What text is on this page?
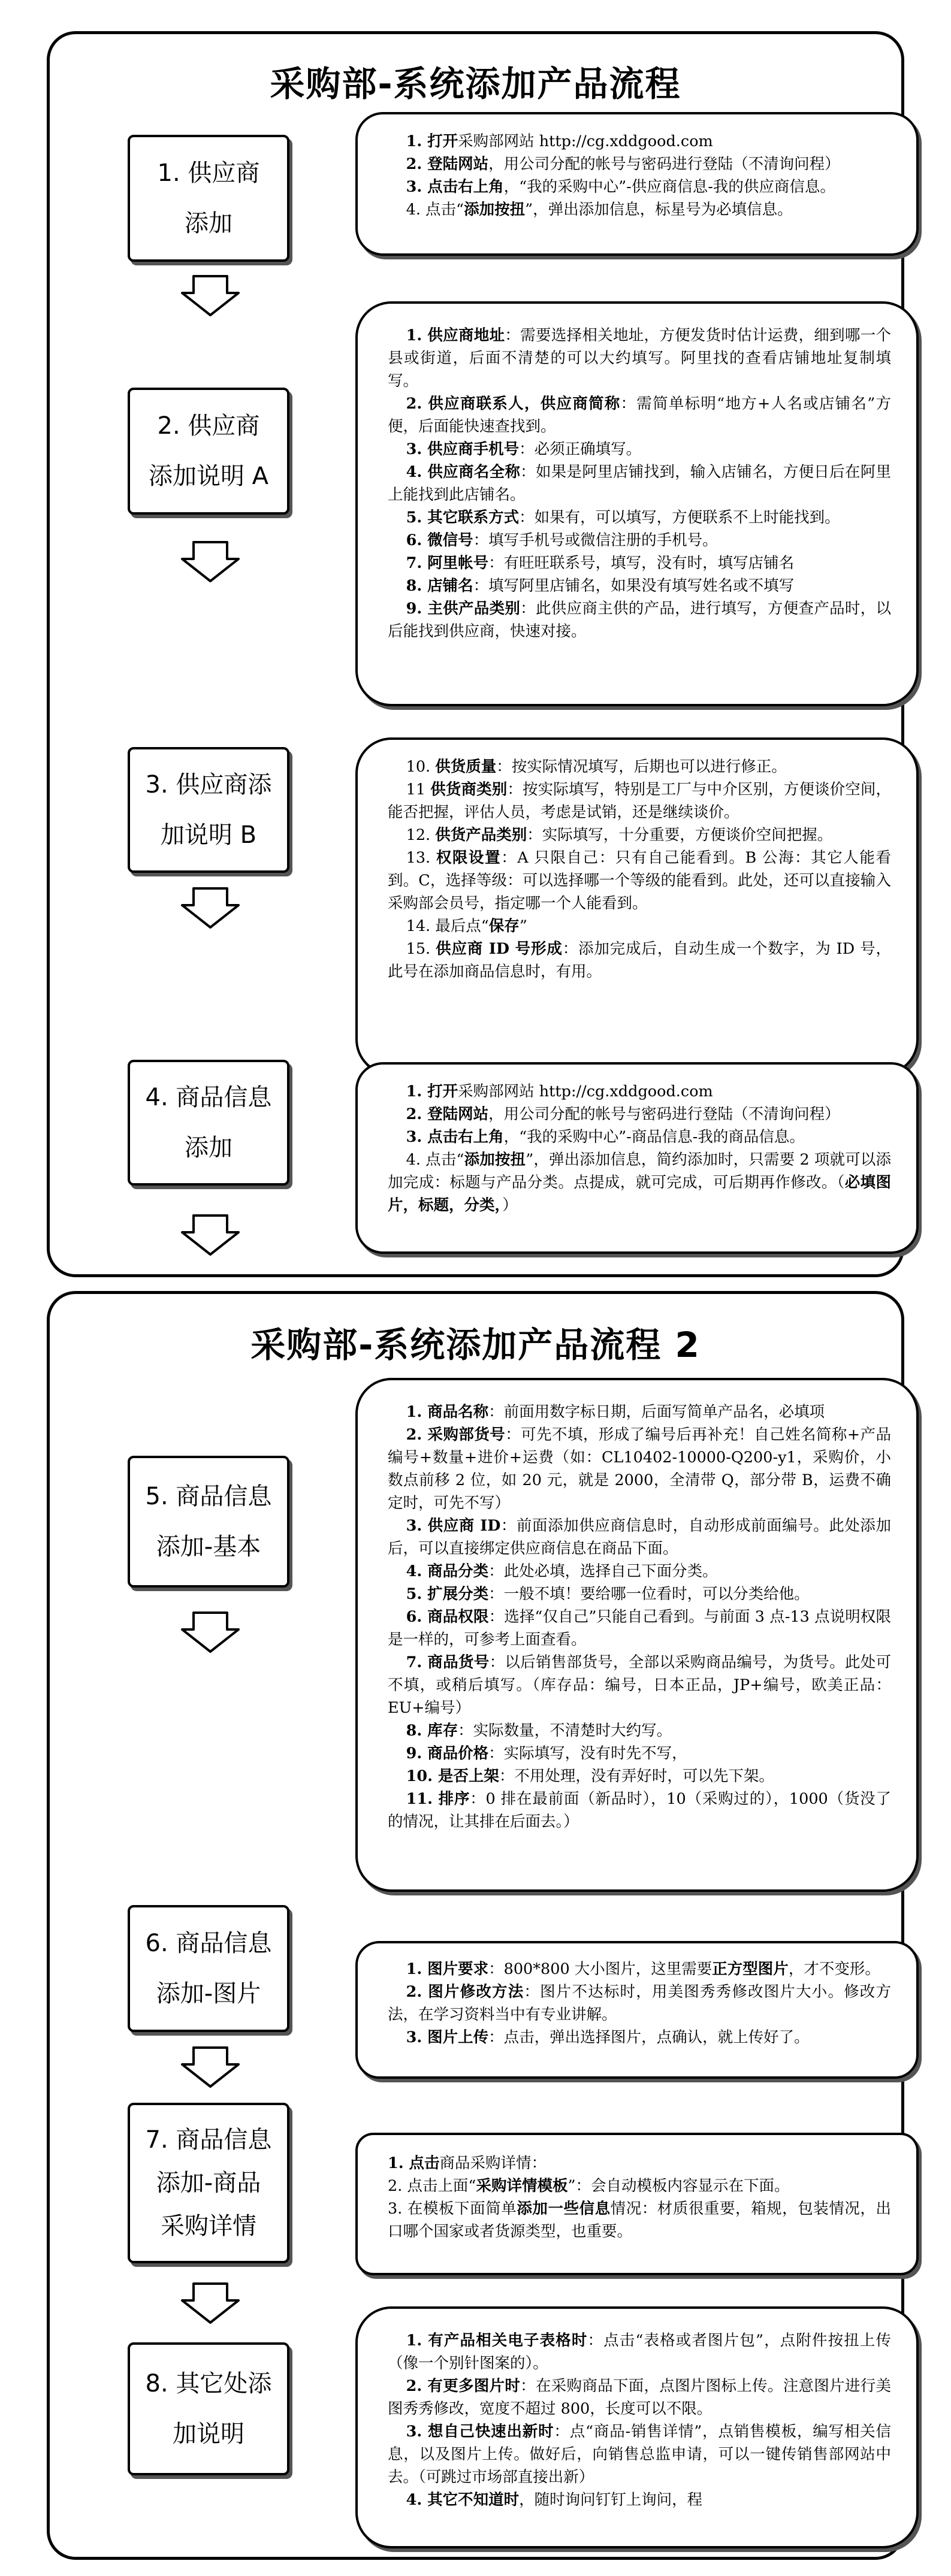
采购部-系统添加产品流程
1. 供应商
添加

1. 打开采购部网站 http://cg.xddgood.com

2. 登陆网站，用公司分配的帐号与密码进行登陆（不清询问程）

3. 点击右上角，“我的采购中心”-供应商信息-我的供应商信息。

4. 点击“添加按扭”，弹出添加信息，标星号为必填信息。

2. 供应商
添加说明 A

1. 供应商地址：需要选择相关地址，方便发货时估计运费，细到哪一个县或街道，后面不清楚的可以大约填写。阿里找的查看店铺地址复制填写。

2. 供应商联系人，供应商简称：需简单标明“地方+人名或店铺名”方便，后面能快速查找到。

3. 供应商手机号：必须正确填写。

4. 供应商名全称：如果是阿里店铺找到，输入店铺名，方便日后在阿里上能找到此店铺名。

5. 其它联系方式：如果有，可以填写，方便联系不上时能找到。

6. 微信号：填写手机号或微信注册的手机号。

7. 阿里帐号：有旺旺联系号，填写，没有时，填写店铺名

8. 店铺名：填写阿里店铺名，如果没有填写姓名或不填写

9. 主供产品类别：此供应商主供的产品，进行填写，方便查产品时，以后能找到供应商，快速对接。

3. 供应商添
加说明 B

10. 供货质量：按实际情况填写，后期也可以进行修正。

11 供货商类别：按实际填写，特别是工厂与中介区别，方便谈价空间，能否把握，评估人员，考虑是试销，还是继续谈价。

12. 供货产品类别：实际填写，十分重要，方便谈价空间把握。

13. 权限设置：A 只限自己：只有自己能看到。B 公海：其它人能看到。C，选择等级：可以选择哪一个等级的能看到。此处，还可以直接输入采购部会员号，指定哪一个人能看到。

14. 最后点“保存”

15. 供应商 ID 号形成：添加完成后，自动生成一个数字，为 ID 号，此号在添加商品信息时，有用。

4. 商品信息
添加

1. 打开采购部网站 http://cg.xddgood.com

2. 登陆网站，用公司分配的帐号与密码进行登陆（不清询问程）

3. 点击右上角，“我的采购中心”-商品信息-我的商品信息。

4. 点击“添加按扭”，弹出添加信息，简约添加时，只需要 2 项就可以添加完成：标题与产品分类。点提成，就可完成，可后期再作修改。（必填图片，标题，分类，）

采购部-系统添加产品流程 2
5. 商品信息
添加-基本

1. 商品名称：前面用数字标日期，后面写简单产品名，必填项

2. 采购部货号：可先不填，形成了编号后再补充！自己姓名简称+产品编号+数量+进价+运费（如：CL10402-10000-Q200-y1，采购价，小数点前移 2 位，如 20 元，就是 2000，全清带 Q，部分带 B，运费不确定时，可先不写）

3. 供应商 ID：前面添加供应商信息时，自动形成前面编号。此处添加后，可以直接绑定供应商信息在商品下面。

4. 商品分类：此处必填，选择自己下面分类。

5. 扩展分类：一般不填！要给哪一位看时，可以分类给他。

6. 商品权限：选择“仅自己”只能自己看到。与前面 3 点-13 点说明权限是一样的，可参考上面查看。

7. 商品货号：以后销售部货号，全部以采购商品编号，为货号。此处可不填，或稍后填写。（库存品：编号，日本正品，JP+编号，欧美正品：EU+编号）

8. 库存：实际数量，不清楚时大约写。

9. 商品价格：实际填写，没有时先不写，

10. 是否上架：不用处理，没有弄好时，可以先下架。

11. 排序：0 排在最前面（新品时），10（采购过的），1000（货没了的情况，让其排在后面去。）

6. 商品信息
添加-图片

1. 图片要求：800*800 大小图片，这里需要正方型图片，才不变形。

2. 图片修改方法：图片不达标时，用美图秀秀修改图片大小。修改方法，在学习资料当中有专业讲解。

3. 图片上传：点击，弹出选择图片，点确认，就上传好了。

7. 商品信息
添加-商品
采购详情

1. 点击商品采购详情：

2. 点击上面“采购详情模板”：会自动模板内容显示在下面。

3. 在模板下面简单添加一些信息情况：材质很重要，箱规，包装情况，出口哪个国家或者货源类型，也重要。

8. 其它处添
加说明

1. 有产品相关电子表格时：点击“表格或者图片包”，点附件按扭上传（像一个别针图案的）。

2. 有更多图片时：在采购商品下面，点图片图标上传。注意图片进行美图秀秀修改，宽度不超过 800，长度可以不限。

3. 想自己快速出新时：点“商品-销售详情”，点销售模板，编写相关信息，以及图片上传。做好后，向销售总监申请，可以一键传销售部网站中去。（可跳过市场部直接出新）

4. 其它不知道时，随时询问钉钉上询问，程
